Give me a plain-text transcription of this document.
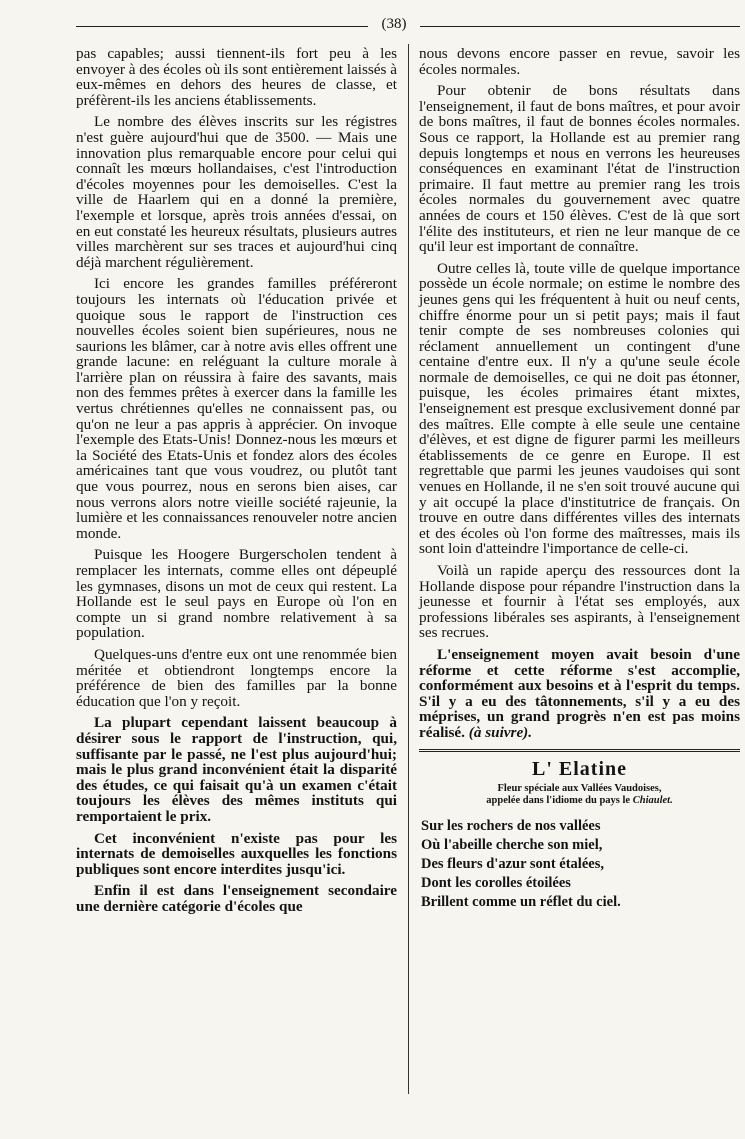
(38)

pas capables; aussi tiennent-ils fort peu à les envoyer à des écoles où ils sont entièrement laissés à eux-mêmes en dehors des heures de classe, et préfèrent-ils les anciens établissements.

Le nombre des élèves inscrits sur les régistres n'est guère aujourd'hui que de 3500. — Mais une innovation plus remarquable encore pour celui qui connaît les mœurs hollandaises, c'est l'introduction d'écoles moyennes pour les demoiselles. C'est la ville de Haarlem qui en a donné la première, l'exemple et lorsque, après trois années d'essai, on en eut constaté les heureux résultats, plusieurs autres villes marchèrent sur ses traces et aujourd'hui cinq déjà marchent régulièrement.

Ici encore les grandes familles préféreront toujours les internats où l'éducation privée et quoique sous le rapport de l'instruction ces nouvelles écoles soient bien supérieures, nous ne saurions les blâmer, car à notre avis elles offrent une grande lacune: en reléguant la culture morale à l'arrière plan on réussira à faire des savants, mais non des femmes prêtes à exercer dans la famille les vertus chrétiennes qu'elles ne connaissent pas, ou qu'on ne leur a pas appris à apprécier. On invoque l'exemple des Etats-Unis! Donnez-nous les mœurs et la Société des Etats-Unis et fondez alors des écoles américaines tant que vous voudrez, ou plutôt tant que vous pourrez, nous en serons bien aises, car nous verrons alors notre vieille société rajeunie, la lumière et les connaissances renouveler notre ancien monde.

Puisque les Hoogere Burgerscholen tendent à remplacer les internats, comme elles ont dépeuplé les gymnases, disons un mot de ceux qui restent. La Hollande est le seul pays en Europe où l'on en compte un si grand nombre relativement à sa population.

Quelques-uns d'entre eux ont une renommée bien méritée et obtiendront longtemps encore la préférence de bien des familles par la bonne éducation que l'on y reçoit.

La plupart cependant laissent beaucoup à désirer sous le rapport de l'instruction, qui, suffisante par le passé, ne l'est plus aujourd'hui; mais le plus grand inconvénient était la disparité des études, ce qui faisait qu'à un examen c'était toujours les élèves des mêmes instituts qui remportaient le prix.

Cet inconvénient n'existe pas pour les internats de demoiselles auxquelles les fonctions publiques sont encore interdites jusqu'ici.

Enfin il est dans l'enseignement secondaire une dernière catégorie d'écoles que

nous devons encore passer en revue, savoir les écoles normales.

Pour obtenir de bons résultats dans l'enseignement, il faut de bons maîtres, et pour avoir de bons maîtres, il faut de bonnes écoles normales. Sous ce rapport, la Hollande est au premier rang depuis longtemps et nous en verrons les heureuses conséquences en examinant l'état de l'instruction primaire. Il faut mettre au premier rang les trois écoles normales du gouvernement avec quatre années de cours et 150 élèves. C'est de là que sort l'élite des instituteurs, et rien ne leur manque de ce qu'il leur est important de connaître.

Outre celles là, toute ville de quelque importance possède un école normale; on estime le nombre des jeunes gens qui les fréquentent à huit ou neuf cents, chiffre énorme pour un si petit pays; mais il faut tenir compte de ses nombreuses colonies qui réclament annuellement un contingent d'une centaine d'entre eux. Il n'y a qu'une seule école normale de demoiselles, ce qui ne doit pas étonner, puisque, les écoles primaires étant mixtes, l'enseignement est presque exclusivement donné par des maîtres. Elle compte à elle seule une centaine d'élèves, et est digne de figurer parmi les meilleurs établissements de ce genre en Europe. Il est regrettable que parmi les jeunes vaudoises qui sont venues en Hollande, il ne s'en soit trouvé aucune qui y ait occupé la place d'institutrice de français. On trouve en outre dans différentes villes des internats et des écoles où l'on forme des maîtresses, mais ils sont loin d'atteindre l'importance de celle-ci.

Voilà un rapide aperçu des ressources dont la Hollande dispose pour répandre l'instruction dans la jeunesse et fournir à l'état ses employés, aux professions libérales ses aspirants, à l'enseignement ses recrues.

L'enseignement moyen avait besoin d'une réforme et cette réforme s'est accomplie, conformément aux besoins et à l'esprit du temps. S'il y a eu des tâtonnements, s'il y a eu des méprises, un grand progrès n'en est pas moins réalisé. (à suivre).

L' Elatine
Fleur spéciale aux Vallées Vaudoises,
appelée dans l'idiome du pays le Chiaulet.
Sur les rochers de nos vallées
Où l'abeille cherche son miel,
Des fleurs d'azur sont étalées,
Dont les corolles étoilées
Brillent comme un réflet du ciel.
